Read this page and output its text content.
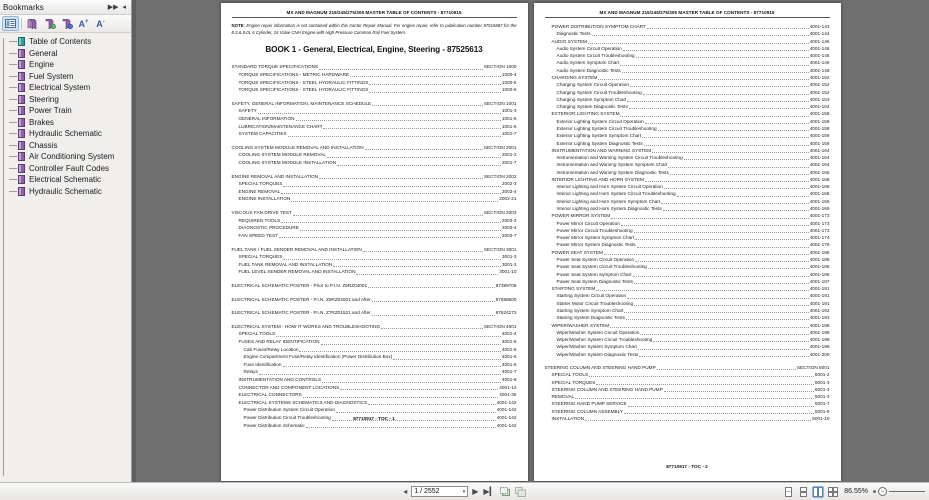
Bookmarks	▶▶ ◂
A+ A-
Table of Contents
General
Engine
Fuel System
Electrical System
Steering
Power Train
Brakes
Hydraulic Schematic
Chassis
Air Conditioning System
Controller Fault Codes
Electrical Schematic
Hydraulic Schematic
MX AND MAGNUM 215/245/275/305 MASTER TABLE OF CONTENTS - 87710915
NOTE: Engine repair information is not contained within this tractor Repair Manual. For engine repair, refer to publication number 87515687 for the 8.3 & 9.0L 6 Cylinder, 24 Valve CNH Engine with High Pressure Common Rail Fuel System.
BOOK 1 - General, Electrical, Engine, Steering - 87525613
STANDARD TORQUE SPECIFICATIONS	SECTION 1000
TORQUE SPECIFICATIONS - METRIC HARDWARE	1000-4
TORQUE SPECIFICATIONS - STEEL HYDRAULIC FITTINGS	1000-5
TORQUE SPECIFICATIONS - STEEL HYDRAULIC FITTINGS	1000-6
SAFETY, GENERAL INFORMATION, MAINTENANCE SCHEDULE	SECTION 1001
SAFETY	1001-3
GENERAL INFORMATION	1001-5
LUBRICATION/MAINTENANCE CHART	1001-6
SYSTEM CAPACITIES	1001-7
COOLING SYSTEM MODULE REMOVAL AND INSTALLATION	SECTION 2001
COOLING SYSTEM MODULE REMOVAL	2001-3
COOLING SYSTEM MODULE INSTALLATION	2001-7
ENGINE REMOVAL AND INSTALLATION	SECTION 2002
SPECIAL TORQUES	2002-3
ENGINE REMOVAL	2002-4
ENGINE INSTALLATION	2002-21
VISCOUS FAN DRIVE TEST	SECTION 2003
REQUIRED TOOLS	2003-3
DIAGNOSTIC PROCEDURE	2003-4
FAN SPEED TEST	2003-7
FUEL TANK / FUEL SENDER REMOVAL AND INSTALLATION	SECTION 3001
SPECIAL TORQUES	3001-3
FUEL TANK REMOVAL AND INSTALLATION	3001-3
FUEL LEVEL SENDER REMOVAL AND INSTALLATION	3001-10
ELECTRICAL SCHEMATIC POSTER - Prior to P.I.N. Z6RZ04001	87389708
ELECTRICAL SCHEMATIC POSTER - P.I.N. Z6RZ04001 and After	87588600
ELECTRICAL SCHEMATIC POSTER - P.I.N. Z7RZ01521 and After	87624272
ELECTRICAL SYSTEM - HOW IT WORKS AND TROUBLESHOOTING	SECTION 4001
SPECIAL TOOLS	4001-4
FUSES AND RELAY IDENTIFICATION	4001-5
Cab Fuses/Relay Location	4001-5
Engine Compartment Fuse/Relay Identification (Power Distribution Box)	4001-5
Fuse Identification	4001-6
Relays	4001-7
INSTRUMENTATION AND CONTROLS	4001-8
CONNECTOR AND COMPONENT LOCATIONS	4001-12
ELECTRICAL CONNECTORS	4001-35
ELECTRICAL SYSTEMS SCHEMATICS AND DIAGNOSTICS	4001-142
Power Distribution System Circuit Operation	4001-142
Power Distribution Circuit Troubleshooting	4001-142
Power Distribution Schematic	4001-142
87710917 - TOC - 1
MX AND MAGNUM 215/245/275/305 MASTER TABLE OF CONTENTS - 87710915
POWER DISTRIBUTION SYMPTOM CHART	4001-143
Diagnostic Tests	4001-144
AUDIO SYSTEM	4001-146
Audio System Circuit Operation	4001-146
Audio System Circuit Troubleshooting	4001-146
Audio System Symptom Chart	4001-146
Audio System Diagnostic Tests	4001-148
CHARGING SYSTEM	4001-152
Charging System Circuit Operation	4001-152
Charging System Circuit Troubleshooting	4001-152
Charging System Symptom Chart	4001-153
Charging System Diagnostic Tests	4001-154
EXTERIOR LIGHTING SYSTEM	4001-158
Exterior Lighting System Circuit Operation	4001-158
Exterior Lighting System Circuit Troubleshooting	4001-158
Exterior Lighting System Symptom Chart	4001-159
Exterior Lighting System Diagnostic Tests	4001-159
INSTRUMENTATION AND WARNING SYSTEM	4001-164
Instrumentation and Warning System Circuit Troubleshooting	4001-164
Instrumentation and Warning System Symptom Chart	4001-164
Instrumentation and Warning System Diagnostic Tests	4001-165
INTERIOR LIGHTING AND HORN SYSTEM	4001-168
Interior Lighting and Horn System Circuit Operation	4001-168
Interior Lighting and Horn System Circuit Troubleshooting	4001-168
Interior Lighting and Horn System Symptom Chart	4001-169
Interior Lighting and Horn System Diagnostic Tests	4001-169
POWER MIRROR SYSTEM	4001-173
Power Mirror Circuit Operation	4001-173
Power Mirror Circuit Troubleshooting	4001-173
Power Mirror System Symptom Chart	4001-174
Power Mirror System Diagnostic Tests	4001-176
POWER SEAT SYSTEM	4001-185
Power Seat System Circuit Operation	4001-185
Power Seat System Circuit Troubleshooting	4001-185
Power Seat System Symptom Chart	4001-186
Power Seat System Diagnostic Tests	4001-187
STARTING SYSTEM	4001-191
Starting System Circuit Operation	4001-191
Starter Motor Circuit Troubleshooting	4001-191
Starting System Symptom Chart	4001-192
Starting System Diagnostic Tests	4001-193
WIPER/WASHER SYSTEM	4001-198
Wiper/Washer System Circuit Operation	4001-198
Wiper/Washer System Circuit Troubleshooting	4001-198
Wiper/Washer System Symptom Chart	4001-199
Wiper/Washer System Diagnostic Tests	4001-200
STEERING COLUMN AND STEERING HAND PUMP	SECTION 5001
SPECIAL TOOLS	5001-2
SPECIAL TORQUES	5001-3
STEERING COLUMN AND STEERING HAND PUMP	5001-3
REMOVAL	5001-3
STEERING HAND PUMP SERVICE	5001-7
STEERING COLUMN ASSEMBLY	5001-9
INSTALLATION	5001-10
87710917 - TOC - 2
◂ 1 / 2552	▾ ▶ ▶▎	86.55%	−
